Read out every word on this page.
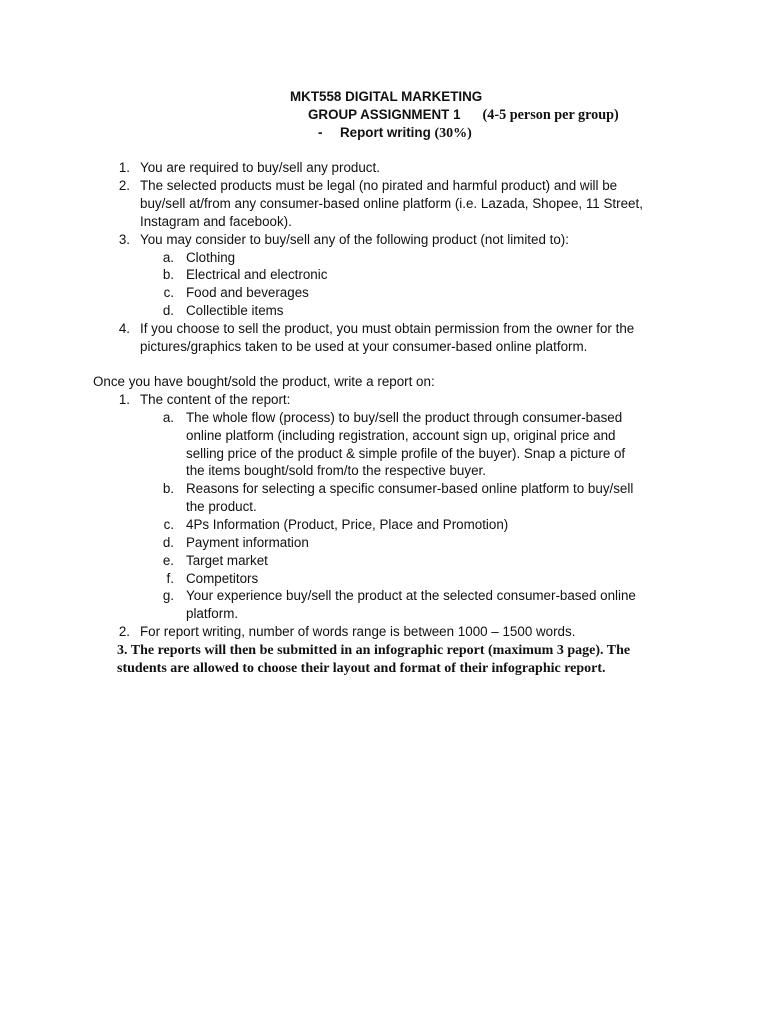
MKT558 DIGITAL MARKETING
GROUP ASSIGNMENT 1 (4-5 person per group)
- Report writing (30%)
1. You are required to buy/sell any product.
2. The selected products must be legal (no pirated and harmful product) and will be
buy/sell at/from any consumer-based online platform (i.e. Lazada, Shopee, 11 Street,
Instagram and facebook).
3. You may consider to buy/sell any of the following product (not limited to):
a. Clothing
b. Electrical and electronic
c. Food and beverages
d. Collectible items
4. If you choose to sell the product, you must obtain permission from the owner for the
pictures/graphics taken to be used at your consumer-based online platform.
Once you have bought/sold the product, write a report on:
1. The content of the report:
a. The whole flow (process) to buy/sell the product through consumer-based
online platform (including registration, account sign up, original price and
selling price of the product & simple profile of the buyer). Snap a picture of
the items bought/sold from/to the respective buyer.
b. Reasons for selecting a specific consumer-based online platform to buy/sell
the product.
c. 4Ps Information (Product, Price, Place and Promotion)
d. Payment information
e. Target market
f. Competitors
g. Your experience buy/sell the product at the selected consumer-based online
platform.
2. For report writing, number of words range is between 1000 – 1500 words.
3. The reports will then be submitted in an infographic report (maximum 3 page). The
students are allowed to choose their layout and format of their infographic report.
